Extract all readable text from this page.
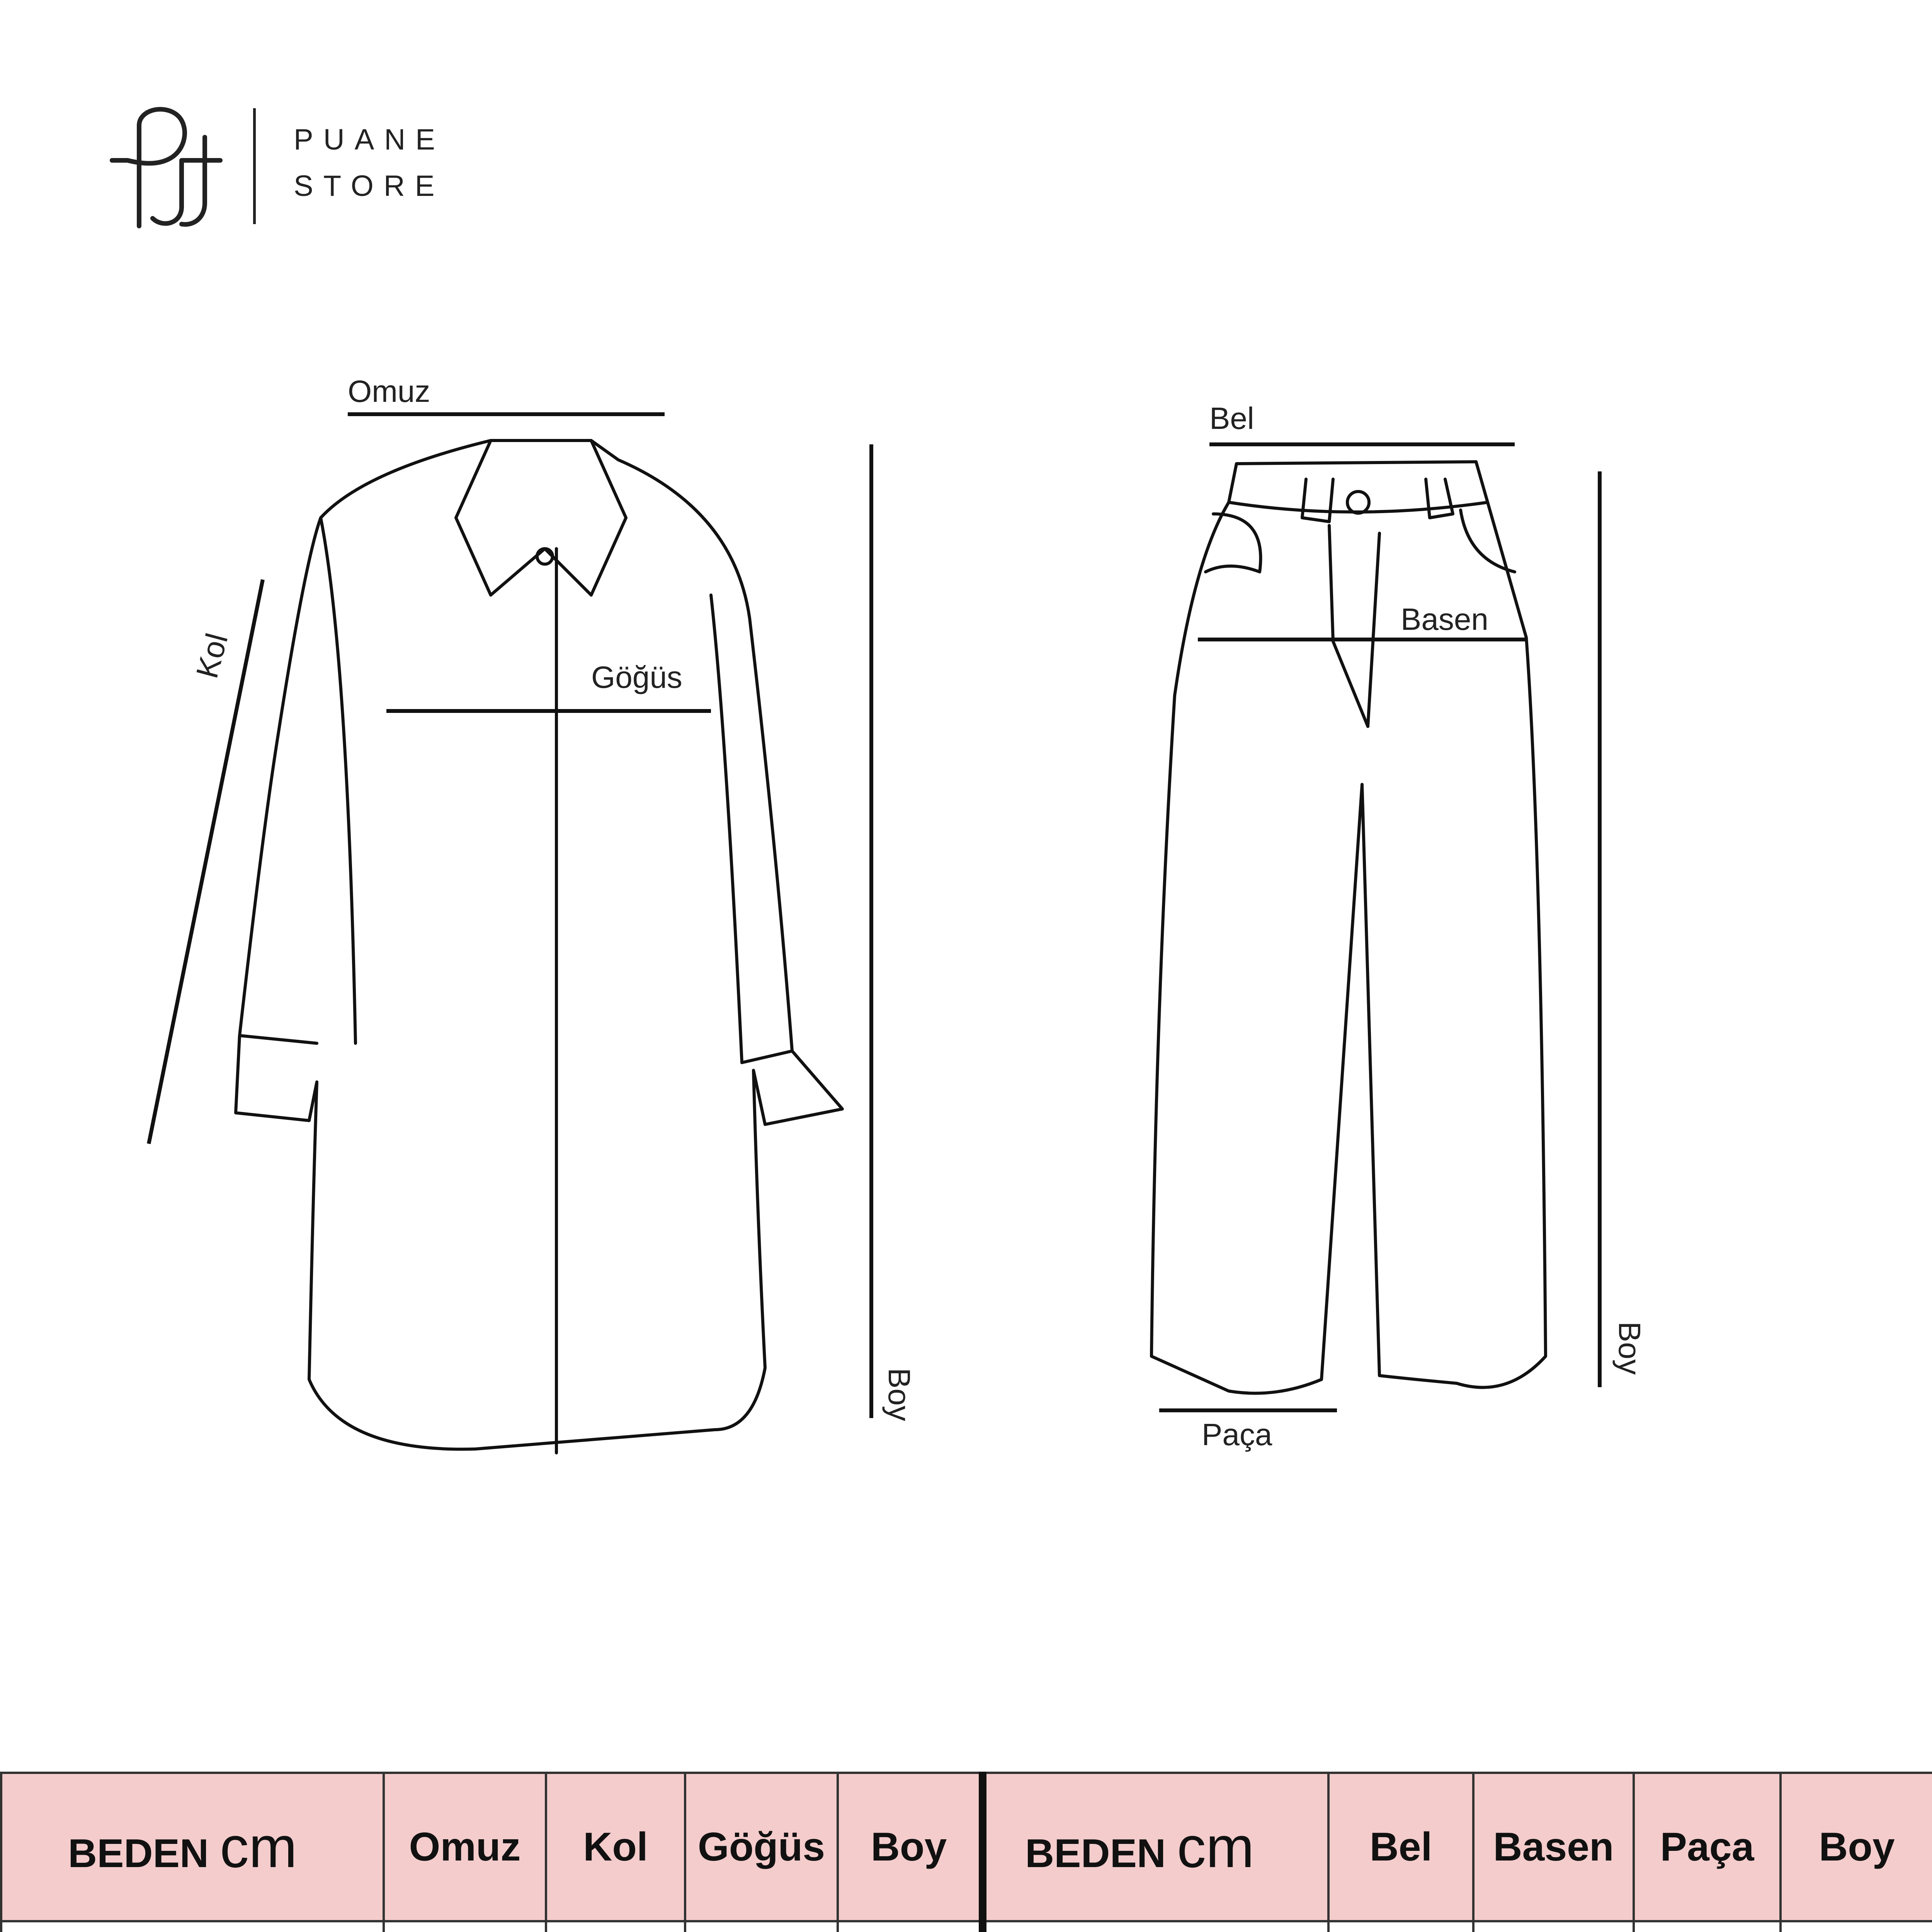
PUANE
STORE
Omuz
Kol	Göğüs
Boy
Bel
Basen
Paça
Boy
BEDEN cm	Omuz	Kol	Göğüs	Boy	BEDEN cm	Bel	Basen	Paça	Boy
